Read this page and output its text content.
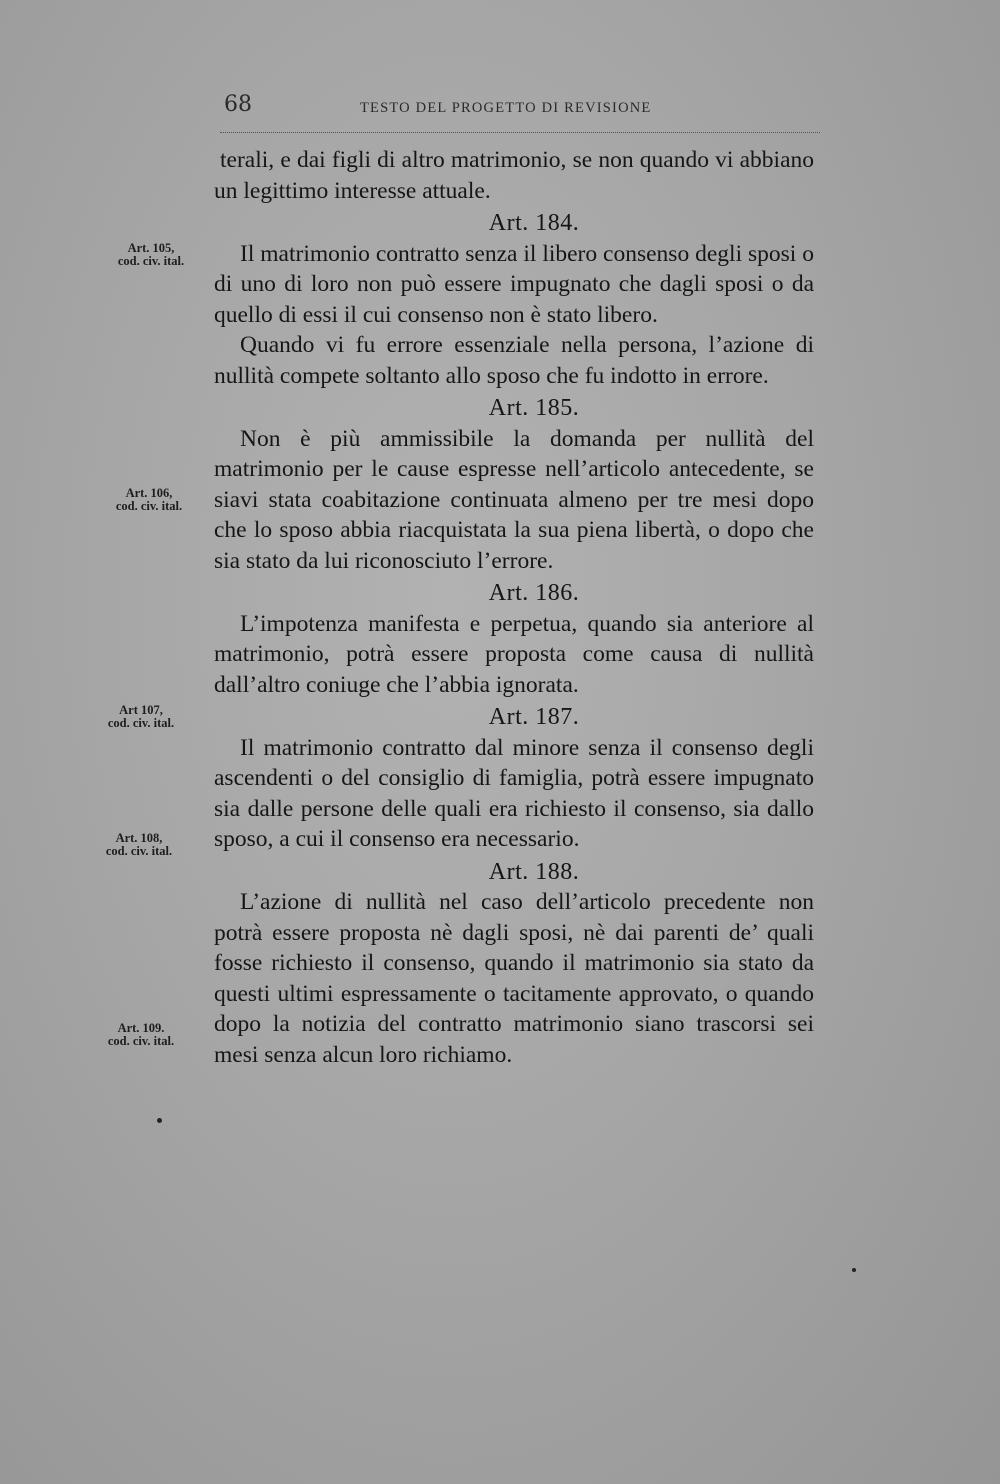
68	TESTO DEL PROGETTO DI REVISIONE
Art. 105,
cod. civ. ital.
Art. 106,
cod. civ. ital.
Art 107,
cod. civ. ital.
Art. 108,
cod. civ. ital.
Art. 109.
cod. civ. ital.

terali, e dai figli di altro matrimonio, se non quando vi abbiano un legittimo interesse attuale.

Art. 184.

Il matrimonio contratto senza il libero consenso degli sposi o di uno di loro non può essere impugnato che dagli sposi o da quello di essi il cui consenso non è stato libero.

Quando vi fu errore essenziale nella persona, l’azione di nullità compete soltanto allo sposo che fu indotto in errore.

Art. 185.

Non è più ammissibile la domanda per nullità del matrimonio per le cause espresse nell’articolo antecedente, se siavi stata coabitazione continuata almeno per tre mesi dopo che lo sposo abbia riacquistata la sua piena libertà, o dopo che sia stato da lui riconosciuto l’errore.

Art. 186.

L’impotenza manifesta e perpetua, quando sia anteriore al matrimonio, potrà essere proposta come causa di nullità dall’altro coniuge che l’abbia ignorata.

Art. 187.

Il matrimonio contratto dal minore senza il consenso degli ascendenti o del consiglio di famiglia, potrà essere impugnato sia dalle persone delle quali era richiesto il consenso, sia dallo sposo, a cui il consenso era necessario.

Art. 188.

L’azione di nullità nel caso dell’articolo precedente non potrà essere proposta nè dagli sposi, nè dai parenti de’ quali fosse richiesto il consenso, quando il matrimonio sia stato da questi ultimi espressamente o tacitamente approvato, o quando dopo la notizia del contratto matrimonio siano trascorsi sei mesi senza alcun loro richiamo.
